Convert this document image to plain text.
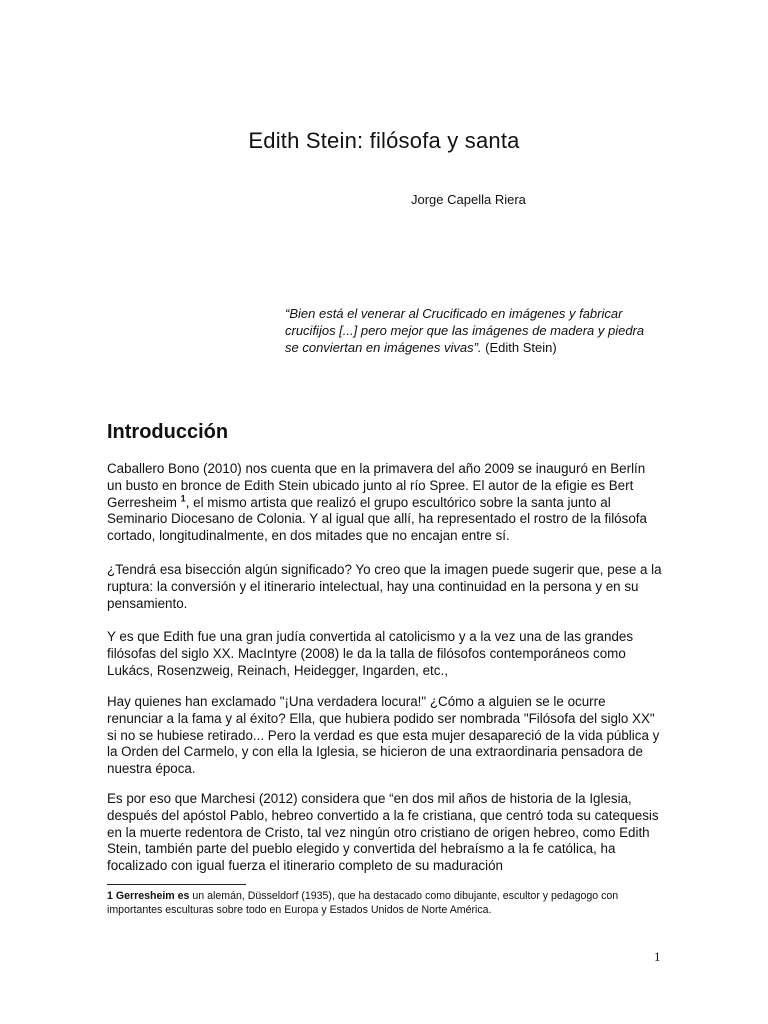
Edith Stein: filósofa y santa
Jorge Capella Riera

“Bien está el venerar al Crucificado en imágenes y fabricar crucifijos [...] pero mejor que las imágenes de madera y piedra se conviertan en imágenes vivas”. (Edith Stein)

Introducción

Caballero Bono (2010) nos cuenta que en la primavera del año 2009 se inauguró en Berlín un busto en bronce de Edith Stein ubicado junto al río Spree. El autor de la efigie es Bert Gerresheim $^1$, el mismo artista que realizó el grupo escultórico sobre la santa junto al Seminario Diocesano de Colonia. Y al igual que allí, ha representado el rostro de la filósofa cortado, longitudinalmente, en dos mitades que no encajan entre sí.

¿Tendrá esa bisección algún significado? Yo creo que la imagen puede sugerir que, pese a la ruptura: la conversión y el itinerario intelectual, hay una continuidad en la persona y en su pensamiento.

Y es que Edith fue una gran judía convertida al catolicismo y a la vez una de las grandes filósofas del siglo XX. MacIntyre (2008) le da la talla de filósofos contemporáneos como Lukács, Rosenzweig, Reinach, Heidegger, Ingarden, etc.,

Hay quienes han exclamado "¡Una verdadera locura!" ¿Cómo a alguien se le ocurre renunciar a la fama y al éxito? Ella, que hubiera podido ser nombrada "Filósofa del siglo XX" si no se hubiese retirado... Pero la verdad es que esta mujer desapareció de la vida pública y la Orden del Carmelo, y con ella la Iglesia, se hicieron de una extraordinaria pensadora de nuestra época.

Es por eso que Marchesi (2012) considera que “en dos mil años de historia de la Iglesia, después del apóstol Pablo, hebreo convertido a la fe cristiana, que centró toda su catequesis en la muerte redentora de Cristo, tal vez ningún otro cristiano de origen hebreo, como Edith Stein, también parte del pueblo elegido y convertida del hebraísmo a la fe católica, ha focalizado con igual fuerza el itinerario completo de su maduración

1 Gerresheim es un alemán, Düsseldorf (1935), que ha destacado como dibujante, escultor y pedagogo con importantes esculturas sobre todo en Europa y Estados Unidos de Norte América.

1
